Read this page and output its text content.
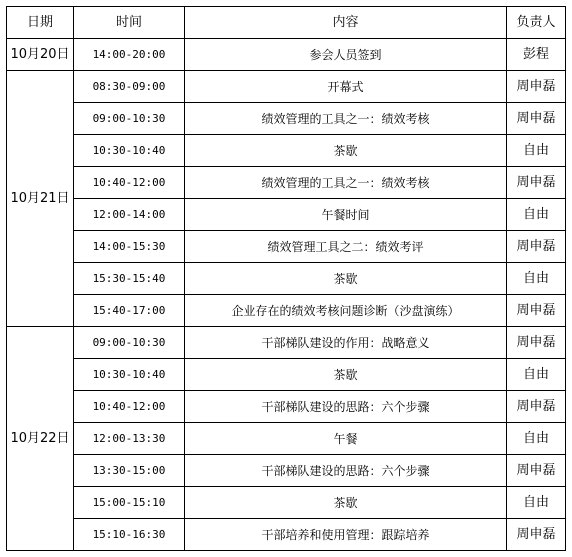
日期	时间	内容	负责人
10月20日	14:00-20:00	参会人员签到	彭程
10月21日	08:30-09:00	开幕式	周申磊
	09:00-10:30	绩效管理的工具之一：绩效考核	周申磊
	10:30-10:40	茶歇	自由
	10:40-12:00	绩效管理的工具之一：绩效考核	周申磊
	12:00-14:00	午餐时间	自由
	14:00-15:30	绩效管理工具之二：绩效考评	周申磊
	15:30-15:40	茶歇	自由
	15:40-17:00	企业存在的绩效考核问题诊断（沙盘演练）	周申磊
10月22日	09:00-10:30	干部梯队建设的作用：战略意义	周申磊
	10:30-10:40	茶歇	自由
	10:40-12:00	干部梯队建设的思路：六个步骤	周申磊
	12:00-13:30	午餐	自由
	13:30-15:00	干部梯队建设的思路：六个步骤	周申磊
	15:00-15:10	茶歇	自由
	15:10-16:30	干部培养和使用管理：跟踪培养	周申磊
